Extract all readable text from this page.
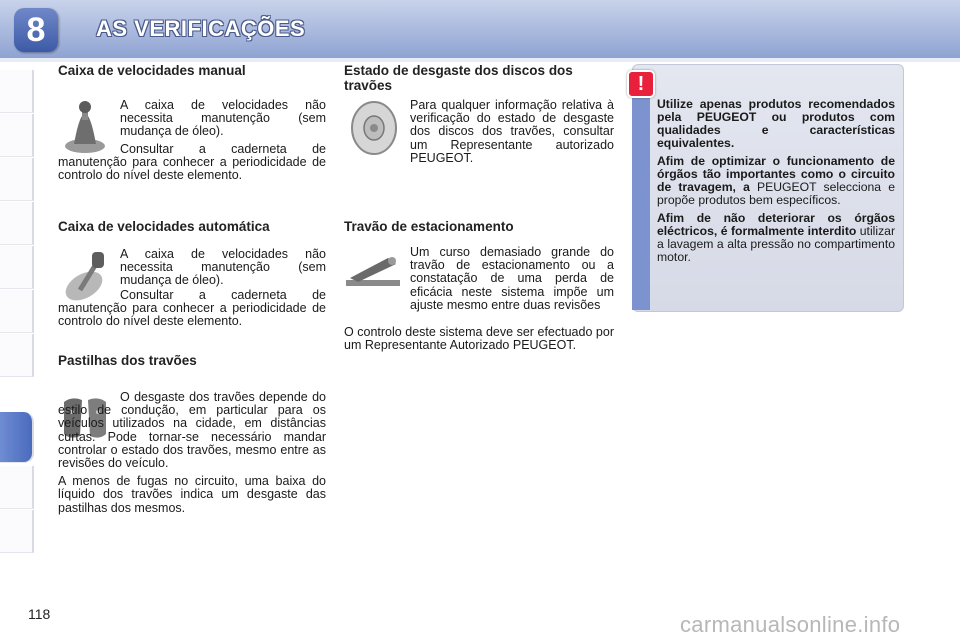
8	AS VERIFICAÇÕES
Caixa de velocidades manual

A caixa de velocidades não necessita manutenção (sem mudança de óleo).

Consultar a caderneta de manutenção para conhecer a periodicidade de controlo do nível deste elemento.

Caixa de velocidades automática

A caixa de velocidades não necessita manutenção (sem mudança de óleo).

Consultar a caderneta de manutenção para conhecer a periodicidade de controlo do nível deste elemento.

Pastilhas dos travões

O desgaste dos travões depende do estilo de condução, em particular para os veículos utilizados na cidade, em distâncias curtas. Pode tornar-se necessário mandar controlar o estado dos travões, mesmo entre as revisões do veículo.

A menos de fugas no circuito, uma baixa do líquido dos travões indica um desgaste das pastilhas dos mesmos.

Estado de desgaste dos discos dos travões

Para qualquer informação relativa à verificação do estado de desgaste dos discos dos travões, consultar um Representante autorizado PEUGEOT.

Travão de estacionamento

Um curso demasiado grande do travão de estacionamento ou a constatação de uma perda de eficácia neste sistema impõe um ajuste mesmo entre duas revisões

O controlo deste sistema deve ser efectuado por um Representante Autorizado PEUGEOT.

!

Utilize apenas produtos recomendados pela PEUGEOT ou produtos com qualidades e características equivalentes.

Afim de optimizar o funcionamento de órgãos tão importantes como o circuito de travagem, a PEUGEOT selecciona e propõe produtos bem específicos.

Afim de não deteriorar os órgãos eléctricos, é formalmente interdito utilizar a lavagem a alta pressão no compartimento motor.

118	carmanualsonline.info
